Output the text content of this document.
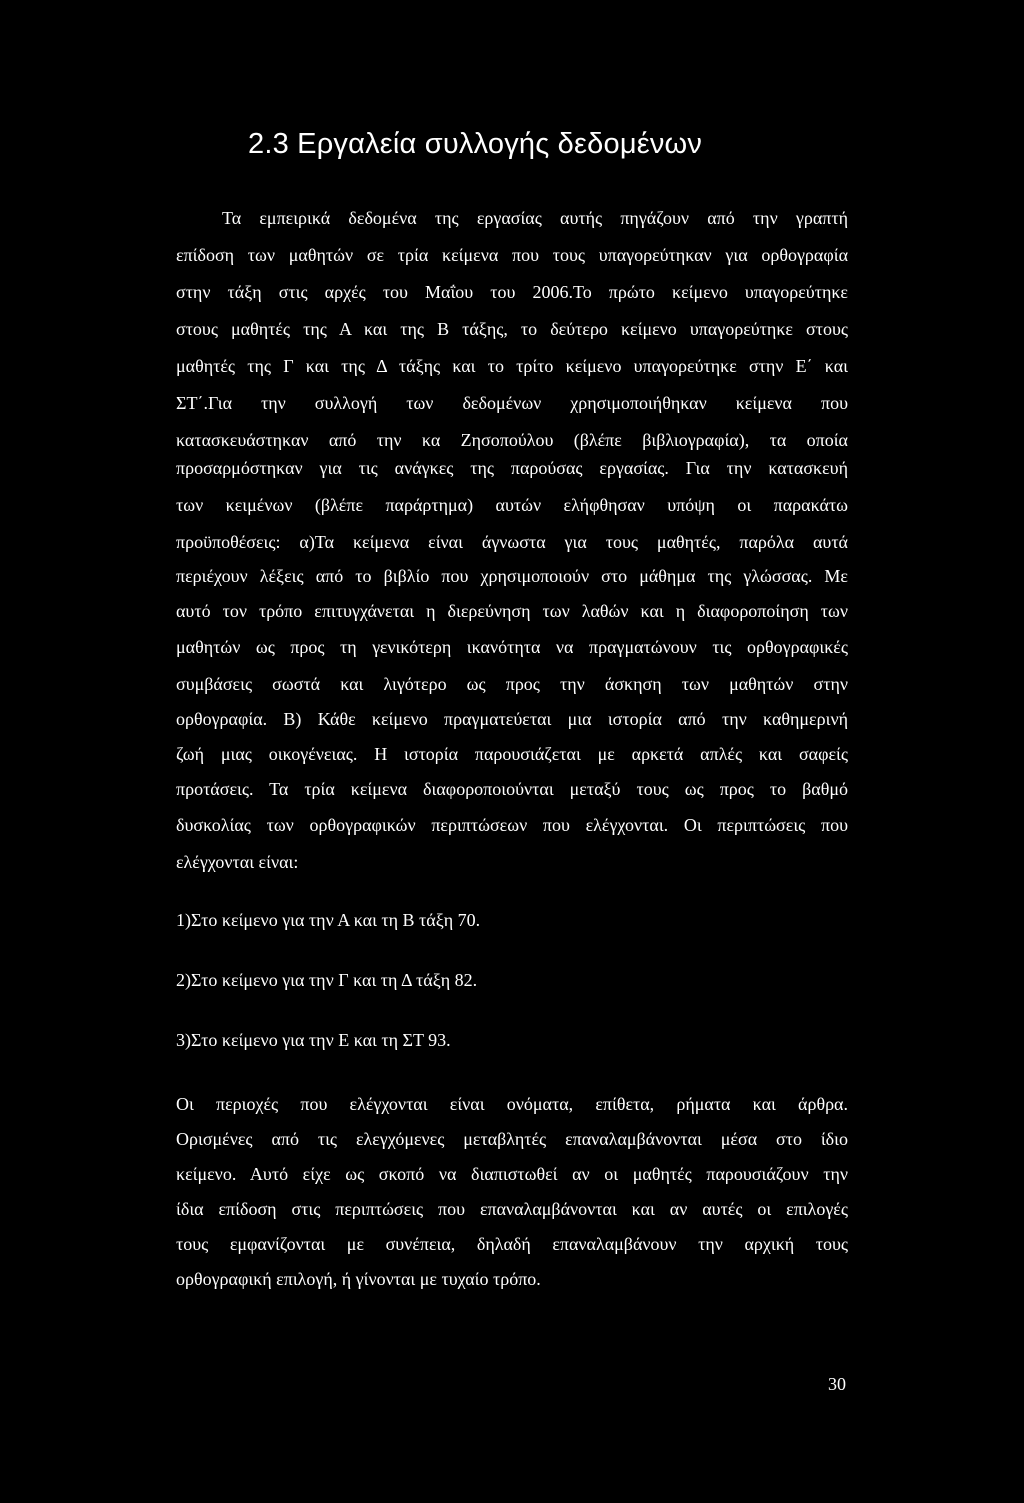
2.3 Εργαλεία συλλογής δεδομένων
Τα εμπειρικά δεδομένα της εργασίας αυτής πηγάζουν από την γραπτή
επίδοση των μαθητών σε τρία κείμενα που τους υπαγορεύτηκαν για ορθογραφία
στην τάξη στις αρχές του Μαΐου του 2006.Το πρώτο κείμενο υπαγορεύτηκε
στους μαθητές της Α και της Β τάξης, το δεύτερο κείμενο υπαγορεύτηκε στους
μαθητές της Γ και της Δ τάξης και το τρίτο κείμενο υπαγορεύτηκε στην Ε΄ και
ΣΤ΄.Για την συλλογή των δεδομένων χρησιμοποιήθηκαν κείμενα που
κατασκευάστηκαν από την κα Ζησοπούλου (βλέπε βιβλιογραφία), τα οποία
προσαρμόστηκαν για τις ανάγκες της παρούσας εργασίας. Για την κατασκευή
των κειμένων (βλέπε παράρτημα) αυτών ελήφθησαν υπόψη οι παρακάτω
προϋποθέσεις: α)Τα κείμενα είναι άγνωστα για τους μαθητές, παρόλα αυτά
περιέχουν λέξεις από το βιβλίο που χρησιμοποιούν στο μάθημα της γλώσσας. Με
αυτό τον τρόπο επιτυγχάνεται η διερεύνηση των λαθών και η διαφοροποίηση των
μαθητών ως προς τη γενικότερη ικανότητα να πραγματώνουν τις ορθογραφικές
συμβάσεις σωστά και λιγότερο ως προς την άσκηση των μαθητών στην
ορθογραφία. Β) Κάθε κείμενο πραγματεύεται μια ιστορία από την καθημερινή
ζωή μιας οικογένειας. Η ιστορία παρουσιάζεται με αρκετά απλές και σαφείς
προτάσεις. Τα τρία κείμενα διαφοροποιούνται μεταξύ τους ως προς το βαθμό
δυσκολίας των ορθογραφικών περιπτώσεων που ελέγχονται. Οι περιπτώσεις που
ελέγχονται είναι:
1)Στο κείμενο για την Α και τη Β τάξη 70.
2)Στο κείμενο για την Γ και τη Δ τάξη 82.
3)Στο κείμενο για την Ε και τη ΣΤ 93.
Οι περιοχές που ελέγχονται είναι ονόματα, επίθετα, ρήματα και άρθρα.
Ορισμένες από τις ελεγχόμενες μεταβλητές επαναλαμβάνονται μέσα στο ίδιο
κείμενο. Αυτό είχε ως σκοπό να διαπιστωθεί αν οι μαθητές παρουσιάζουν την
ίδια επίδοση στις περιπτώσεις που επαναλαμβάνονται και αν αυτές οι επιλογές
τους εμφανίζονται με συνέπεια, δηλαδή επαναλαμβάνουν την αρχική τους
ορθογραφική επιλογή, ή γίνονται με τυχαίο τρόπο.
30
